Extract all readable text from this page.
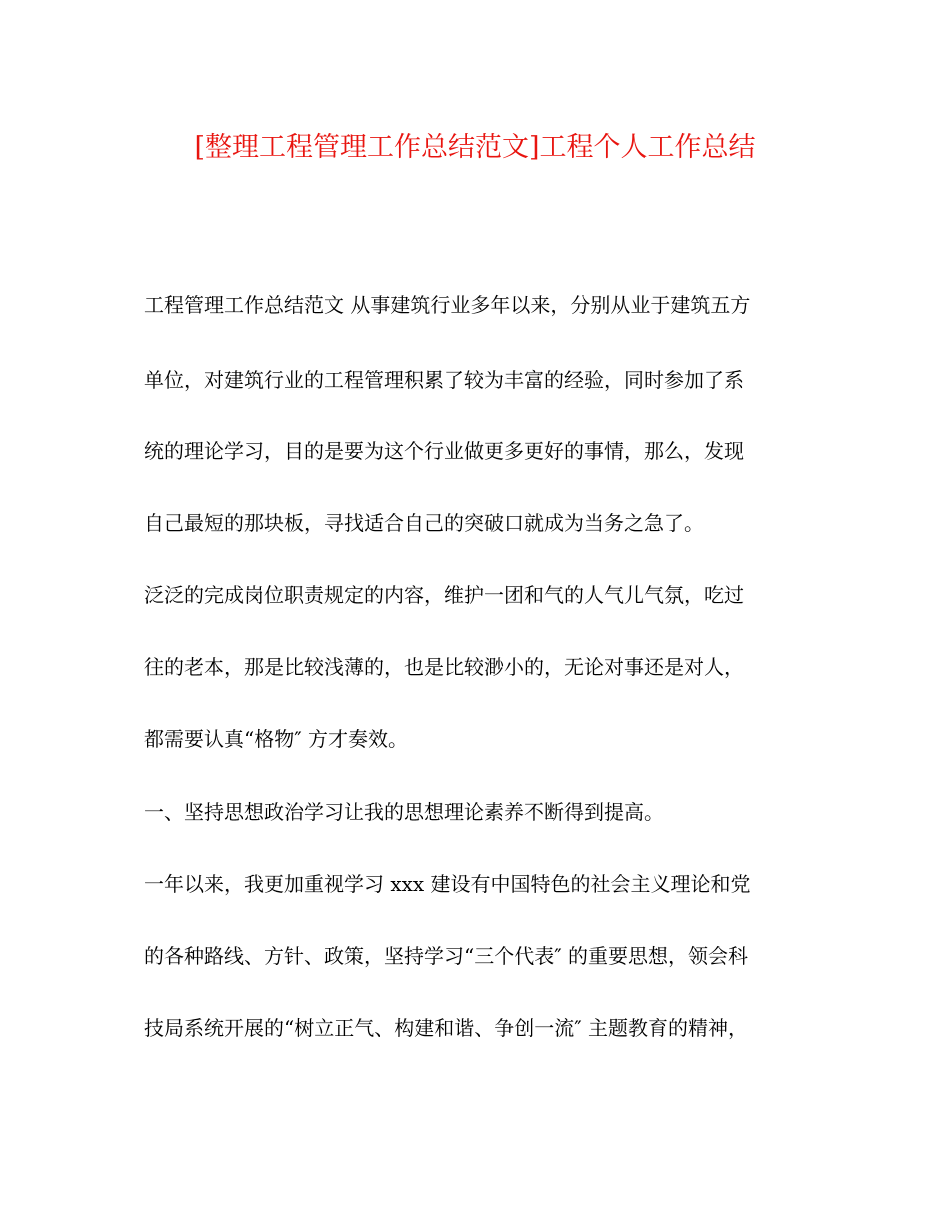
[整理工程管理工作总结范文]工程个人工作总结
工程管理工作总结范文 从事建筑行业多年以来，分别从业于建筑五方
单位，对建筑行业的工程管理积累了较为丰富的经验，同时参加了系
统的理论学习，目的是要为这个行业做更多更好的事情，那么，发现
自己最短的那块板，寻找适合自己的突破口就成为当务之急了。
泛泛的完成岗位职责规定的内容，维护一团和气的人气儿气氛，吃过
往的老本，那是比较浅薄的，也是比较渺小的，无论对事还是对人，
都需要认真“格物″ 方才奏效。
一、坚持思想政治学习让我的思想理论素养不断得到提高。
一年以来，我更加重视学习 xxx 建设有中国特色的社会主义理论和党
的各种路线、方针、政策，坚持学习“三个代表″ 的重要思想，领会科
技局系统开展的“树立正气、构建和谐、争创一流″ 主题教育的精神，
